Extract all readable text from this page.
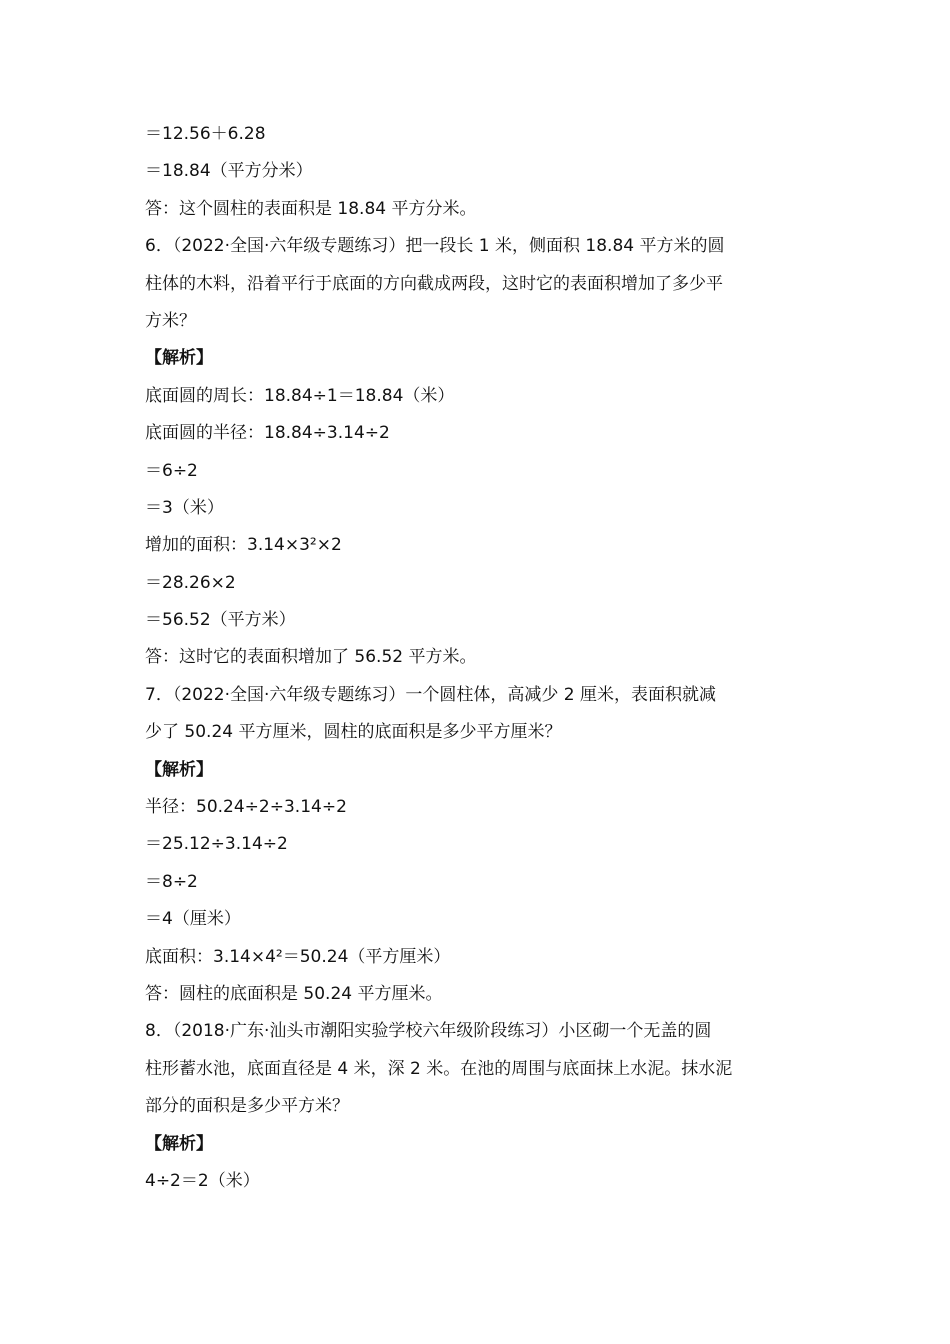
＝12.56＋6.28
＝18.84（平方分米）
答：这个圆柱的表面积是 18.84 平方分米。
6．（2022·全国·六年级专题练习）把一段长 1 米，侧面积 18.84 平方米的圆
柱体的木料，沿着平行于底面的方向截成两段，这时它的表面积增加了多少平
方米？
【解析】
底面圆的周长：18.84÷1＝18.84（米）
底面圆的半径：18.84÷3.14÷2
＝6÷2
＝3（米）
增加的面积：3.14×3²×2
＝28.26×2
＝56.52（平方米）
答：这时它的表面积增加了 56.52 平方米。
7．（2022·全国·六年级专题练习）一个圆柱体，高减少 2 厘米，表面积就减
少了 50.24 平方厘米，圆柱的底面积是多少平方厘米？
【解析】
半径：50.24÷2÷3.14÷2
＝25.12÷3.14÷2
＝8÷2
＝4（厘米）
底面积：3.14×4²＝50.24（平方厘米）
答：圆柱的底面积是 50.24 平方厘米。
8．（2018·广东·汕头市潮阳实验学校六年级阶段练习）小区砌一个无盖的圆
柱形蓄水池，底面直径是 4 米，深 2 米。在池的周围与底面抹上水泥。抹水泥
部分的面积是多少平方米？
【解析】
4÷2＝2（米）
